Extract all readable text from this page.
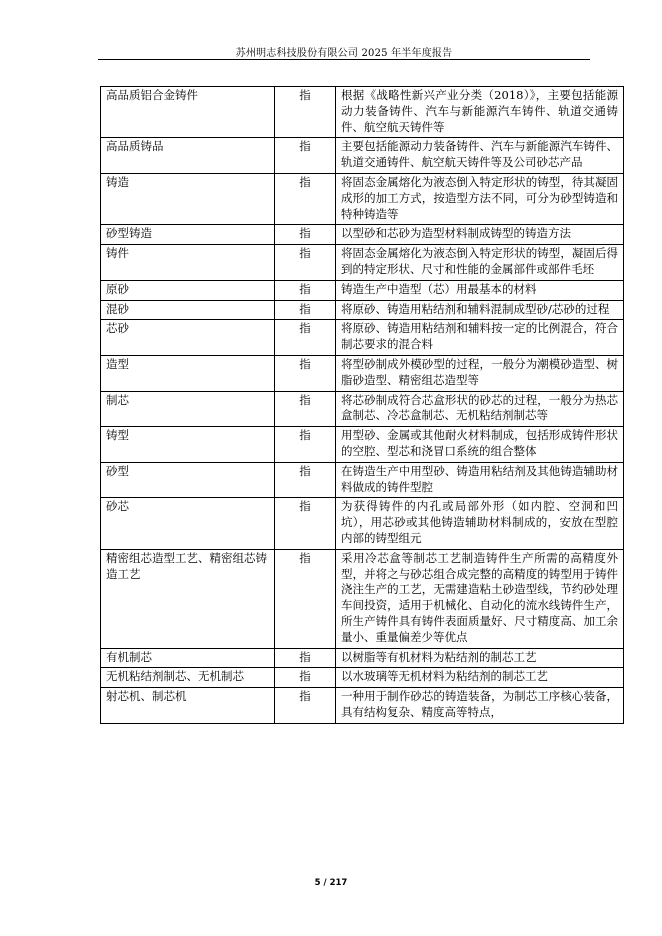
苏州明志科技股份有限公司 2025 年半年度报告
高品质铝合金铸件	指	根据《战略性新兴产业分类（2018）》，主要包括能源动力装备铸件、汽车与新能源汽车铸件、轨道交通铸件、航空航天铸件等
高品质铸品	指	主要包括能源动力装备铸件、汽车与新能源汽车铸件、轨道交通铸件、航空航天铸件等及公司砂芯产品
铸造	指	将固态金属熔化为液态倒入特定形状的铸型，待其凝固成形的加工方式，按造型方法不同，可分为砂型铸造和特种铸造等
砂型铸造	指	以型砂和芯砂为造型材料制成铸型的铸造方法
铸件	指	将固态金属熔化为液态倒入特定形状的铸型，凝固后得到的特定形状、尺寸和性能的金属部件或部件毛坯
原砂	指	铸造生产中造型（芯）用最基本的材料
混砂	指	将原砂、铸造用粘结剂和辅料混制成型砂/芯砂的过程
芯砂	指	将原砂、铸造用粘结剂和辅料按一定的比例混合，符合制芯要求的混合料
造型	指	将型砂制成外模砂型的过程，一般分为潮模砂造型、树脂砂造型、精密组芯造型等
制芯	指	将芯砂制成符合芯盒形状的砂芯的过程，一般分为热芯盒制芯、冷芯盒制芯、无机粘结剂制芯等
铸型	指	用型砂、金属或其他耐火材料制成，包括形成铸件形状的空腔、型芯和浇冒口系统的组合整体
砂型	指	在铸造生产中用型砂、铸造用粘结剂及其他铸造辅助材料做成的铸件型腔
砂芯	指	为获得铸件的内孔或局部外形（如内腔、空洞和凹坑），用芯砂或其他铸造辅助材料制成的，安放在型腔内部的铸型组元
精密组芯造型工艺、精密组芯铸造工艺	指	采用冷芯盒等制芯工艺制造铸件生产所需的高精度外型，并将之与砂芯组合成完整的高精度的铸型用于铸件浇注生产的工艺，无需建造粘土砂造型线，节约砂处理车间投资，适用于机械化、自动化的流水线铸件生产，所生产铸件具有铸件表面质量好、尺寸精度高、加工余量小、重量偏差少等优点
有机制芯	指	以树脂等有机材料为粘结剂的制芯工艺
无机粘结剂制芯、无机制芯	指	以水玻璃等无机材料为粘结剂的制芯工艺
射芯机、制芯机	指	一种用于制作砂芯的铸造装备，为制芯工序核心装备，具有结构复杂、精度高等特点，
5 / 217
